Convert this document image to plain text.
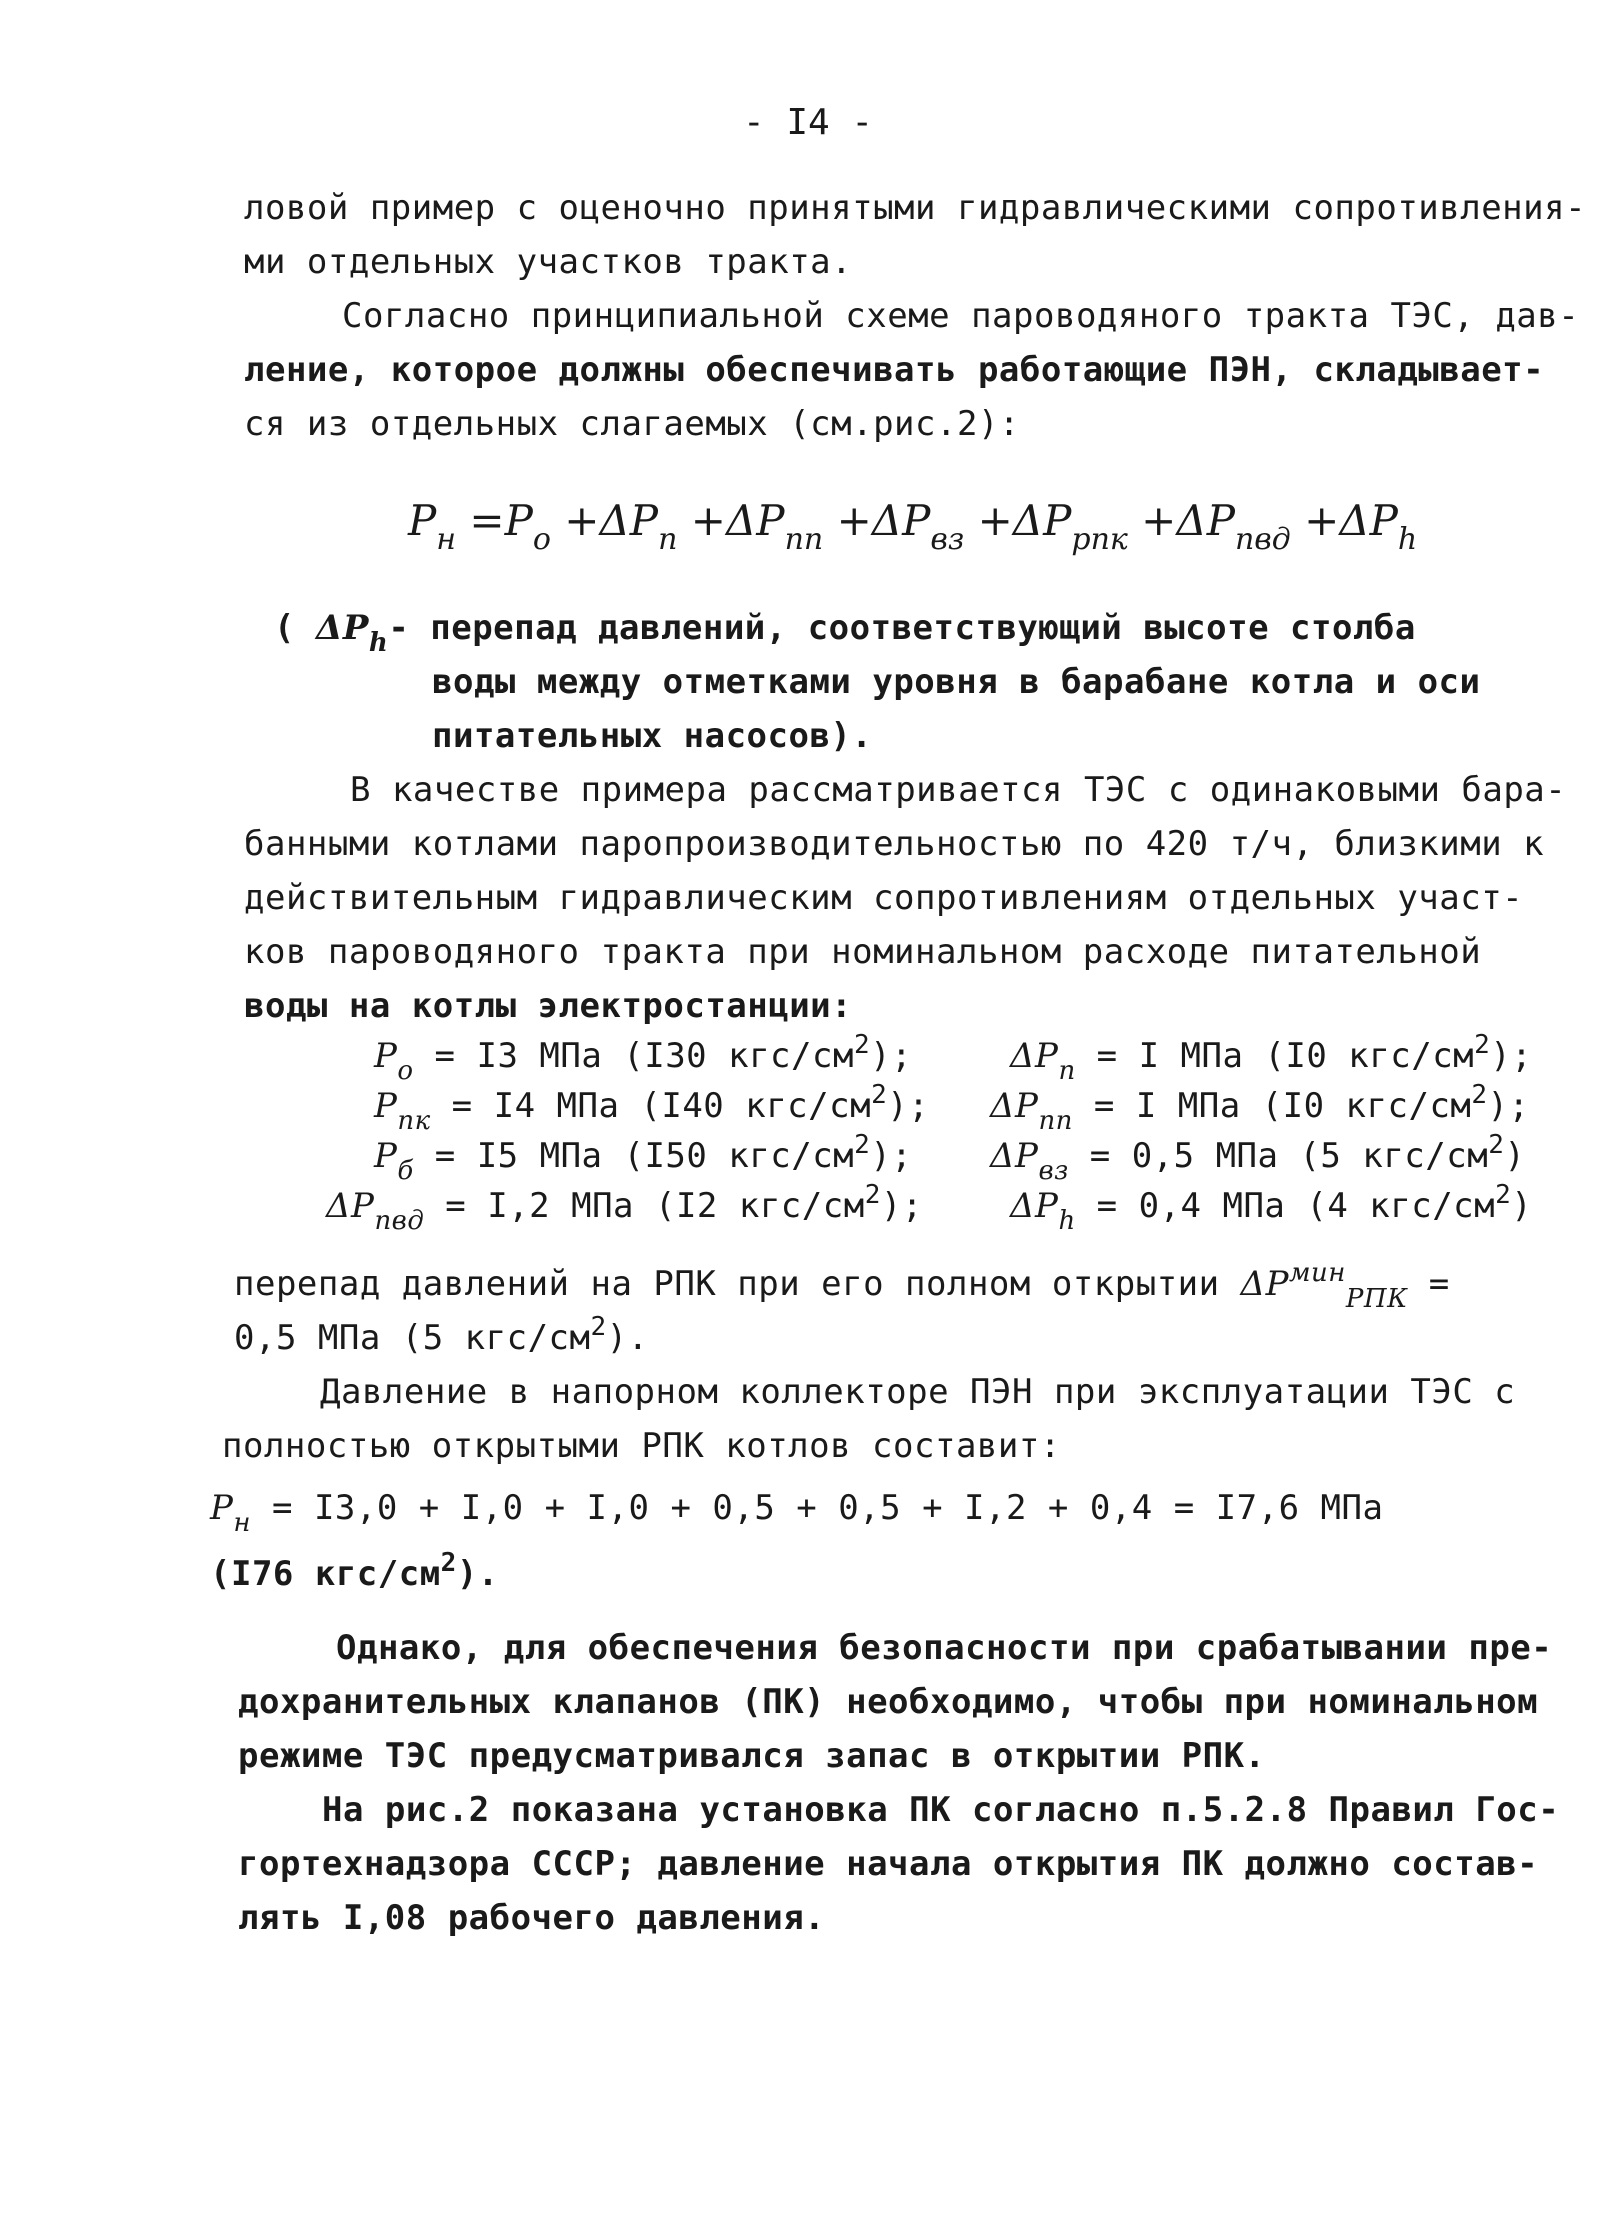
- I4 -
ловой пример с оценочно принятыми гидравлическими сопротивления-
ми отдельных участков тракта.
Согласно принципиальной схеме пароводяного тракта ТЭС, дав-
ление, которое должны обеспечивать работающие ПЭН, складывает-
ся из отдельных слагаемых (см.рис.2):
$P_н =P_о +\Delta P_п +\Delta P_{пп} +\Delta P_{вз} +\Delta P_{рпк} +\Delta P_{пвд} +\Delta P_h$
( $\Delta P_h-$ перепад давлений, соответствующий высоте столба
воды между отметками уровня в барабане котла и оси
питательных насосов).
В качестве примера рассматривается ТЭС с одинаковыми бара-
банными котлами паропроизводительностью по 420 т/ч, близкими к
действительным гидравлическим сопротивлениям отдельных участ-
ков пароводяного тракта при номинальном расходе питательной
воды на котлы электростанции:
$P_о = I3$ МПа (I30 кгс/$см^2$);
$P_{пк} = I4$ МПа (I40 кгс/$см^2$);
$P_б = I5$ МПа (I50 кгс/$см^2$);
$\Delta P_{пвд} = I,2$ МПа (I2 кгс/$см^2$);
$\Delta P_п = I$ МПа (I0 кгс/$см^2$);
$\Delta P_{пп} = I$ МПа (I0 кгс/$см^2$);
$\Delta P_{вз} = 0,5$ МПа (5 кгс/$см^2$)
$\Delta P_h = 0,4$ МПа (4 кгс/$см^2$)
перепад давлений на РПК при его полном открытии $\Delta P^{мин}_{РПК}$ =
0,5 МПа (5 кгс/$см^2$).
Давление в напорном коллекторе ПЭН при эксплуатации ТЭС с
полностью открытыми РПК котлов составит:
$P_н = I3,0 + I,0 + I,0 + 0,5 + 0,5 + I,2 + 0,4 = I7,6$ МПа
(I76 кгс/$см^2$).
Однако, для обеспечения безопасности при срабатывании пре-
дохранительных клапанов (ПК) необходимо, чтобы при номинальном
режиме ТЭС предусматривался запас в открытии РПК.
На рис.2 показана установка ПК согласно п.5.2.8 Правил Гос-
гортехнадзора СССР; давление начала открытия ПК должно состав-
лять I,08 рабочего давления.
